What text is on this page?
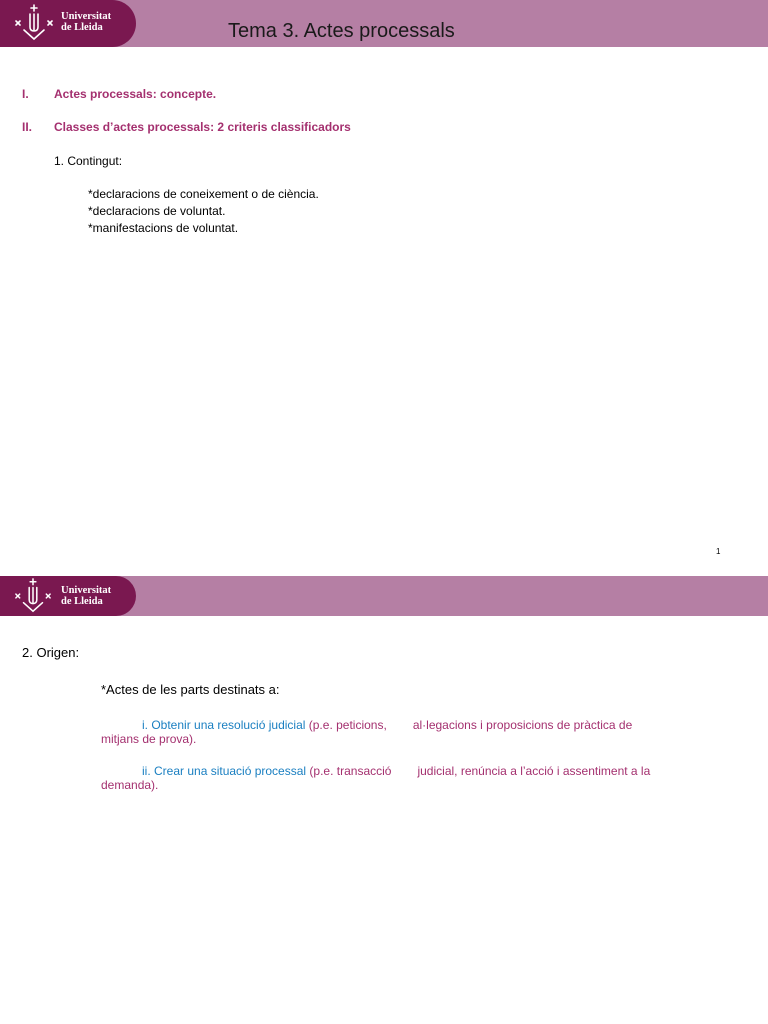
Universitat
de Lleida	Tema 3. Actes processals
I. Actes processals: concepte.
II. Classes d’actes processals: 2 criteris classificadors
1. Contingut:
*declaracions de coneixement o de ciència.
*declaracions de voluntat.
*manifestacions de voluntat.
1
Universitat
de Lleida
2. Origen:
*Actes de les parts destinats a:
i. Obtenir una resolució judicial (p.e. peticions, al·legacions i proposicions de pràctica de
mitjans de prova).
ii. Crear una situació processal (p.e. transacció judicial, renúncia a l’acció i assentiment a la
demanda).
